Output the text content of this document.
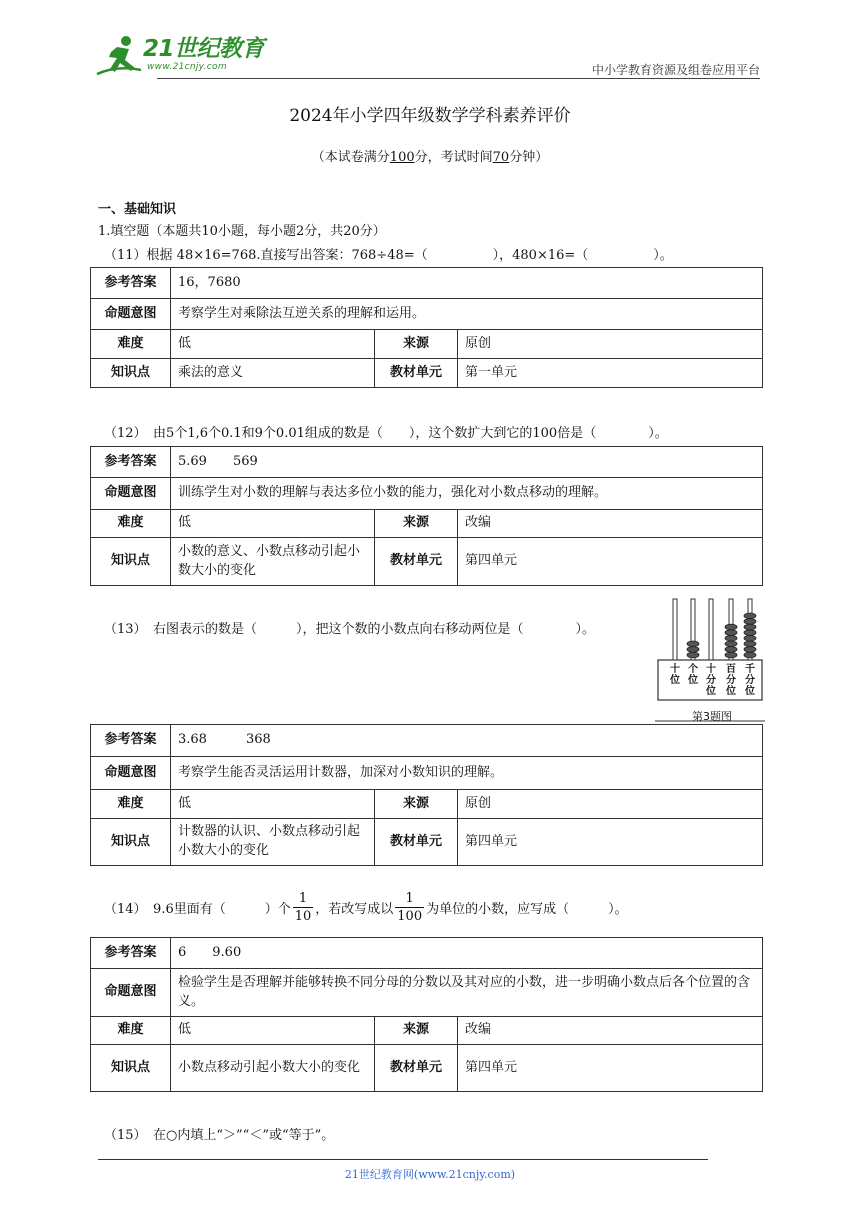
21世纪教育
www.21cnjy.com	中小学教育资源及组卷应用平台
2024年小学四年级数学学科素养评价
（本试卷满分100分，考试时间70分钟）
一、基础知识
1.填空题（本题共10小题，每小题2分，共20分）
（11）根据 48×16=768.直接写出答案：768÷48=（　　　　　），480×16=（　　　　　）。
参考答案	16，7680		
命题意图	考察学生对乘除法互逆关系的理解和运用。		
难度	低	来源	原创
知识点	乘法的意义	教材单元	第一单元
（12）　由5个1,6个0.1和9个0.01组成的数是（　　），这个数扩大到它的100倍是（　　　　）。
参考答案	5.69　　569		
命题意图	训练学生对小数的理解与表达多位小数的能力，强化对小数点移动的理解。		
难度	低	来源	改编
知识点	小数的意义、小数点移动引起小数大小的变化	教材单元	第四单元
（13）　右图表示的数是（　　　），把这个数的小数点向右移动两位是（　　　　）。
十
位
个
位
十
分
位
百
分
位
千
分
位
第3题图
参考答案	3.68　　　368		
命题意图	考察学生能否灵活运用计数器，加深对小数知识的理解。		
难度	低	来源	原创
知识点	计数器的认识、小数点移动引起小数大小的变化	教材单元	第四单元
（14）　9.6里面有（　　　）个 $\frac{1}{10}$ ，若改写成以 $\frac{1}{100}$ 为单位的小数，应写成（　　　）。
参考答案	6　　9.60		
命题意图	检验学生是否理解并能够转换不同分母的分数以及其对应的小数，进一步明确小数点后各个位置的含义。		
难度	低	来源	改编
知识点	小数点移动引起小数大小的变化	教材单元	第四单元
（15）　在○内填上“＞”“＜”或“等于”。
21世纪教育网(www.21cnjy.com)
